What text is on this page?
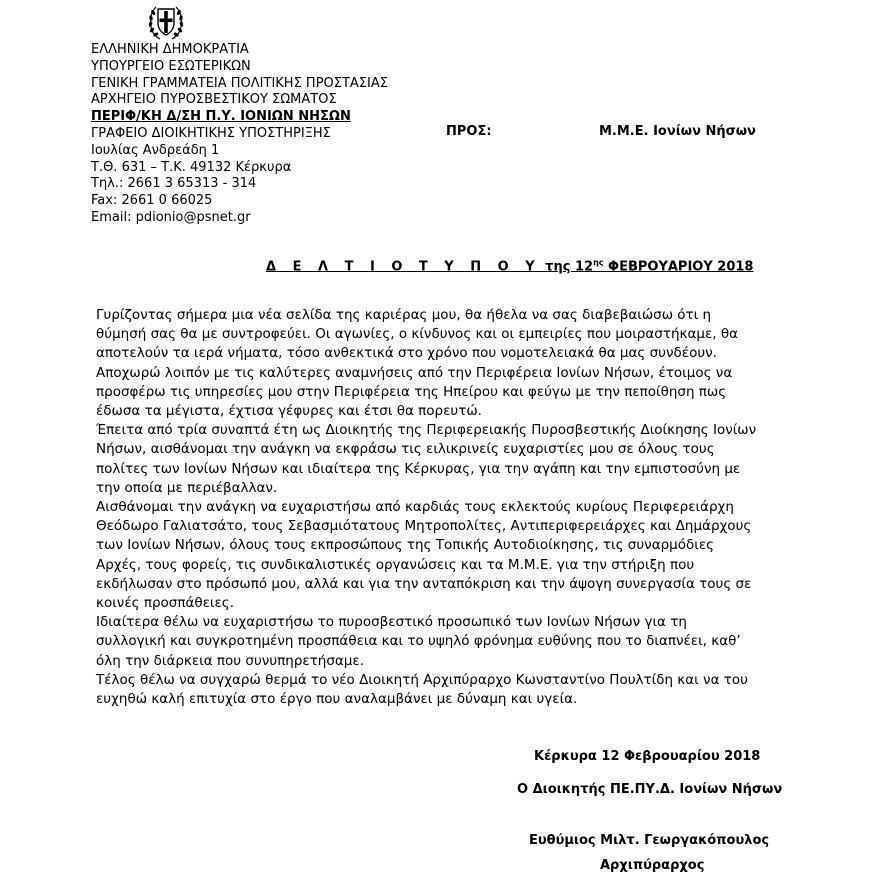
ΕΛΛΗΝΙΚΗ ΔΗΜΟΚΡΑΤΙΑ
ΥΠΟΥΡΓΕΙΟ ΕΣΩΤΕΡΙΚΩΝ
ΓΕΝΙΚΗ ΓΡΑΜΜΑΤΕΙΑ ΠΟΛΙΤΙΚΗΣ ΠΡΟΣΤΑΣΙΑΣ
ΑΡΧΗΓΕΙΟ ΠΥΡΟΣΒΕΣΤΙΚΟΥ ΣΩΜΑΤΟΣ
ΠΕΡΙΦ/ΚΗ Δ/ΣΗ Π.Υ. ΙΟΝΙΩΝ ΝΗΣΩΝ
ΓΡΑΦΕΙΟ ΔΙΟΙΚΗΤΙΚΗΣ ΥΠΟΣΤΗΡΙΞΗΣ
Ιουλίας Ανδρεάδη 1
Τ.Θ. 631 – Τ.Κ. 49132 Κέρκυρα
Τηλ.: 2661 3 65313 - 314
Fax: 2661 0 66025
Email: pdionio@psnet.gr
ΠΡΟΣ:	Μ.Μ.Ε. Ιονίων Νήσων
Δ Ε Λ Τ Ι Ο Τ Υ Π Ο Υ της $12^{\eta\varsigma}$ ΦΕΒΡΟΥΑΡΙΟΥ 2018
Γυρίζοντας σήμερα μια νέα σελίδα της καριέρας μου, θα ήθελα να σας διαβεβαιώσω ότι η
θύμησή σας θα με συντροφεύει. Οι αγωνίες, ο κίνδυνος και οι εμπειρίες που μοιραστήκαμε, θα
αποτελούν τα ιερά νήματα, τόσο ανθεκτικά στο χρόνο που νομοτελειακά θα μας συνδέουν.
Αποχωρώ λοιπόν με τις καλύτερες αναμνήσεις από την Περιφέρεια Ιονίων Νήσων, έτοιμος να
προσφέρω τις υπηρεσίες μου στην Περιφέρεια της Ηπείρου και φεύγω με την πεποίθηση πως
έδωσα τα μέγιστα, έχτισα γέφυρες και έτσι θα πορευτώ.
Έπειτα από τρία συναπτά έτη ως Διοικητής της Περιφερειακής Πυροσβεστικής Διοίκησης Ιονίων
Νήσων, αισθάνομαι την ανάγκη να εκφράσω τις ειλικρινείς ευχαριστίες μου σε όλους τους
πολίτες των Ιονίων Νήσων και ιδιαίτερα της Κέρκυρας, για την αγάπη και την εμπιστοσύνη με
την οποία με περιέβαλλαν.
Αισθάνομαι την ανάγκη να ευχαριστήσω από καρδιάς τους εκλεκτούς κυρίους Περιφερειάρχη
Θεόδωρο Γαλιατσάτο, τους Σεβασμιότατους Μητροπολίτες, Αντιπεριφερειάρχες και Δημάρχους
των Ιονίων Νήσων, όλους τους εκπροσώπους της Τοπικής Αυτοδιοίκησης, τις συναρμόδιες
Αρχές, τους φορείς, τις συνδικαλιστικές οργανώσεις και τα Μ.Μ.Ε. για την στήριξη που
εκδήλωσαν στο πρόσωπό μου, αλλά και για την ανταπόκριση και την άψογη συνεργασία τους σε
κοινές προσπάθειες.
Ιδιαίτερα θέλω να ευχαριστήσω το πυροσβεστικό προσωπικό των Ιονίων Νήσων για τη
συλλογική και συγκροτημένη προσπάθεια και το υψηλό φρόνημα ευθύνης που το διαπνέει, καθ’
όλη την διάρκεια που συνυπηρετήσαμε.
Τέλος θέλω να συγχαρώ θερμά το νέο Διοικητή Αρχιπύραρχο Κωνσταντίνο Πουλτίδη και να του
ευχηθώ καλή επιτυχία στο έργο που αναλαμβάνει με δύναμη και υγεία.
Κέρκυρα 12 Φεβρουαρίου 2018
Ο Διοικητής ΠΕ.ΠΥ.Δ. Ιονίων Νήσων
Ευθύμιος Μιλτ. Γεωργακόπουλος
Αρχιπύραρχος
